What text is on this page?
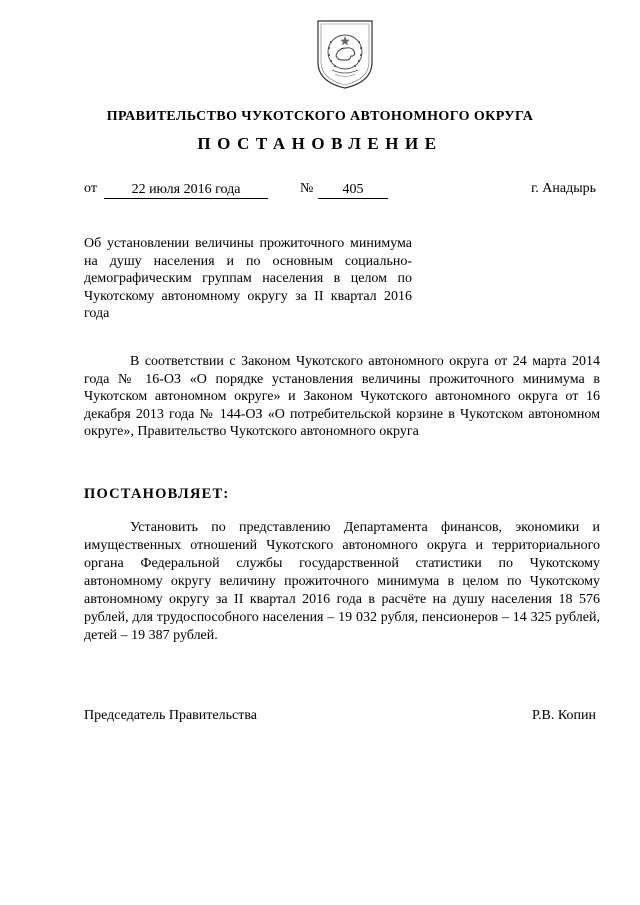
ПРАВИТЕЛЬСТВО ЧУКОТСКОГО АВТОНОМНОГО ОКРУГА
ПОСТАНОВЛЕНИЕ
от	22 июля 2016 года	№	405	г. Анадырь
Об установлении величины прожиточного минимума на душу населения и по основным социально-демографическим группам населения в целом по Чукотскому автономному округу за II квартал 2016 года
В соответствии с Законом Чукотского автономного округа от 24 марта 2014 года № 16-ОЗ «О порядке установления величины прожиточного минимума в Чукотском автономном округе» и Законом Чукотского автономного округа от 16 декабря 2013 года № 144-ОЗ «О потребительской корзине в Чукотском автономном округе», Правительство Чукотского автономного округа
ПОСТАНОВЛЯЕТ:
Установить по представлению Департамента финансов, экономики и имущественных отношений Чукотского автономного округа и территориального органа Федеральной службы государственной статистики по Чукотскому автономному округу величину прожиточного минимума в целом по Чукотскому автономному округу за II квартал 2016 года в расчёте на душу населения 18 576 рублей, для трудоспособного населения – 19 032 рубля, пенсионеров – 14 325 рублей, детей – 19 387 рублей.
Председатель Правительства	Р.В. Копин
